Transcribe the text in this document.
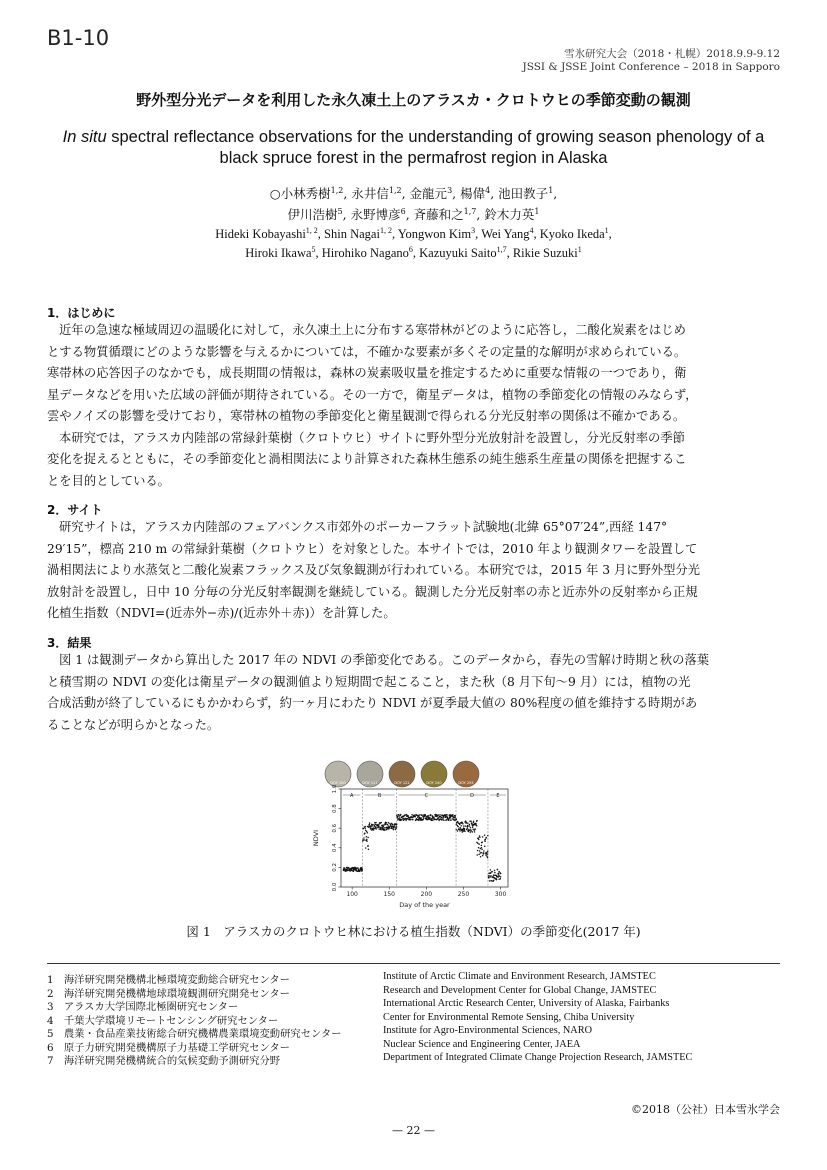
B1-10
雪氷研究大会（2018・札幌）2018.9.9-9.12
JSSI & JSSE Joint Conference – 2018 in Sapporo
野外型分光データを利用した永久凍土上のアラスカ・クロトウヒの季節変動の観測
In situ spectral reflectance observations for the understanding of growing season phenology of a
black spruce forest in the permafrost region in Alaska
○小林秀樹$^{1,2}$, 永井信$^{1,2}$, 金龍元$^3$, 楊偉$^4$, 池田教子$^1$,
伊川浩樹$^5$, 永野博彦$^6$, 斉藤和之$^{1,7}$, 鈴木力英$^1$
Hideki Kobayashi$^{1, 2}$, Shin Nagai$^{1, 2}$, Yongwon Kim$^3$, Wei Yang$^4$, Kyoko Ikeda$^1$,
Hiroki Ikawa$^5$, Hirohiko Nagano$^6$, Kazuyuki Saito$^{1,7}$, Rikie Suzuki$^1$
1．はじめに
近年の急速な極域周辺の温暖化に対して，永久凍土上に分布する寒帯林がどのように応答し，二酸化炭素をはじめ
とする物質循環にどのような影響を与えるかについては，不確かな要素が多くその定量的な解明が求められている。
寒帯林の応答因子のなかでも，成長期間の情報は，森林の炭素吸収量を推定するために重要な情報の一つであり，衛
星データなどを用いた広域の評価が期待されている。その一方で，衛星データは，植物の季節変化の情報のみならず，
雲やノイズの影響を受けており，寒帯林の植物の季節変化と衛星観測で得られる分光反射率の関係は不確かである。
本研究では，アラスカ内陸部の常緑針葉樹（クロトウヒ）サイトに野外型分光放射計を設置し，分光反射率の季節
変化を捉えるとともに，その季節変化と渦相関法により計算された森林生態系の純生態系生産量の関係を把握するこ
とを目的としている。
2．サイト
研究サイトは，アラスカ内陸部のフェアバンクス市郊外のポーカーフラット試験地(北緯 65°07′24”,西経 147°
29′15”，標高 210 m の常緑針葉樹（クロトウヒ）を対象とした。本サイトでは，2010 年より観測タワーを設置して
渦相関法により水蒸気と二酸化炭素フラックス及び気象観測が行われている。本研究では，2015 年 3 月に野外型分光
放射計を設置し，日中 10 分毎の分光反射率観測を継続している。観測した分光反射率の赤と近赤外の反射率から正規
化植生指数（NDVI=(近赤外−赤)/(近赤外＋赤)）を計算した。
3．結果
図 1 は観測データから算出した 2017 年の NDVI の季節変化である。このデータから，春先の雪解け時期と秋の落葉
と積雪期の NDVI の変化は衛星データの観測値より短期間で起こること，また秋（8 月下旬〜9 月）には，植物の光
合成活動が終了しているにもかかわらず，約一ヶ月にわたり NDVI が夏季最大値の 80%程度の値を維持する時期があ
ることなどが明らかとなった。
DOY 100	DOY 117	DOY 122	DOY 240	DOY 255
A	B	C	D	E
100	150	200	250	300
0.0
0.2
0.4
0.6
0.8
1.0
Day of the year
NDVI
図 1　アラスカのクロトウヒ林における植生指数（NDVI）の季節変化(2017 年)
1　海洋研究開発機構北極環境変動総合研究センター	Institute of Arctic Climate and Environment Research, JAMSTEC
2　海洋研究開発機構地球環境観測研究開発センター	Research and Development Center for Global Change, JAMSTEC
3　アラスカ大学国際北極圏研究センター	International Arctic Research Center, University of Alaska, Fairbanks
4　千葉大学環境リモートセンシング研究センター	Center for Environmental Remote Sensing, Chiba University
5　農業・食品産業技術総合研究機構農業環境変動研究センター	Institute for Agro-Environmental Sciences, NARO
6　原子力研究開発機構原子力基礎工学研究センター	Nuclear Science and Engineering Center, JAEA
7　海洋研究開発機構統合的気候変動予測研究分野	Department of Integrated Climate Change Projection Research, JAMSTEC
©2018（公社）日本雪氷学会
— 22 —
